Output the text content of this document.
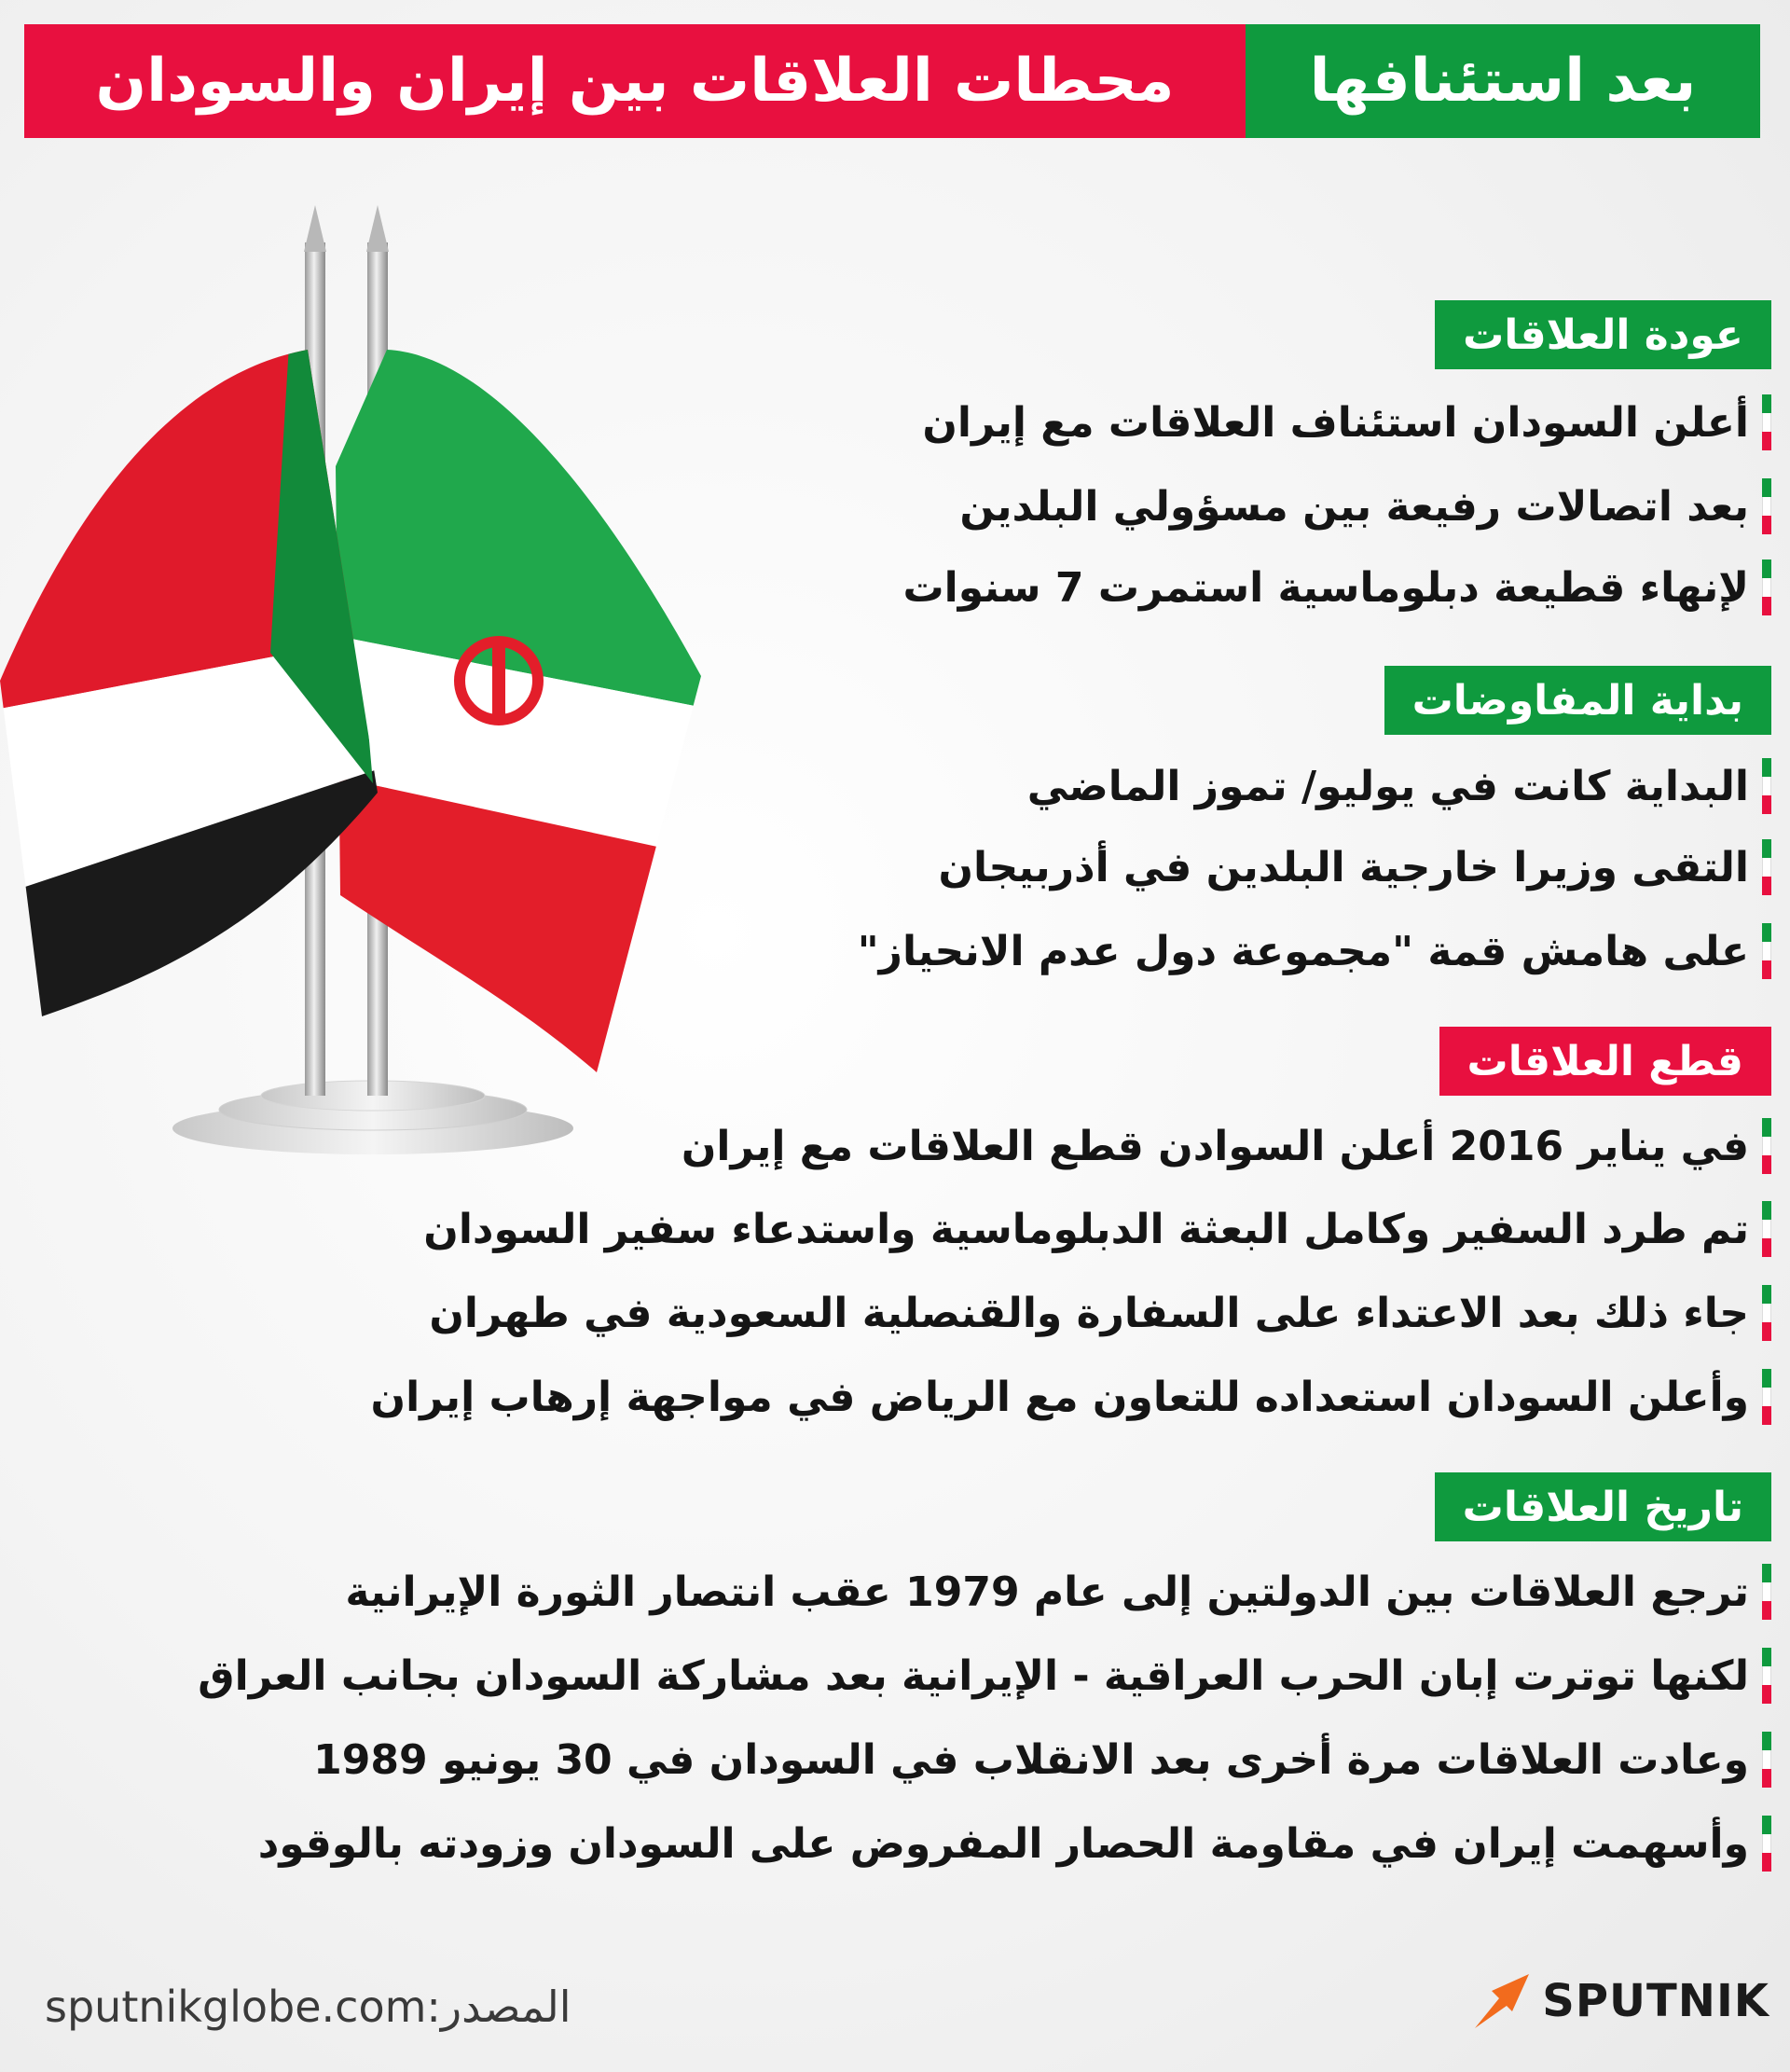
محطات العلاقات بين إيران والسودان بعد استئنافها
عودة العلاقات
أعلن السودان استئناف العلاقات مع إيران
بعد اتصالات رفيعة بين مسؤولي البلدين
لإنهاء قطيعة دبلوماسية استمرت 7 سنوات
بداية المفاوضات
البداية كانت في يوليو/ تموز الماضي
التقى وزيرا خارجية البلدين في أذربيجان
على هامش قمة "مجموعة دول عدم الانحياز"
قطع العلاقات
في يناير 2016 أعلن السوادن قطع العلاقات مع إيران
تم طرد السفير وكامل البعثة الدبلوماسية واستدعاء سفير السودان
جاء ذلك بعد الاعتداء على السفارة والقنصلية السعودية في طهران
وأعلن السودان استعداده للتعاون مع الرياض في مواجهة إرهاب إيران
تاريخ العلاقات
ترجع العلاقات بين الدولتين إلى عام 1979 عقب انتصار الثورة الإيرانية
لكنها توترت إبان الحرب العراقية - الإيرانية بعد مشاركة السودان بجانب العراق
وعادت العلاقات مرة أخرى بعد الانقلاب في السودان في 30 يونيو 1989
وأسهمت إيران في مقاومة الحصار المفروض على السودان وزودته بالوقود
sputnikglobe.comالمصدر:	SPUTNIK
